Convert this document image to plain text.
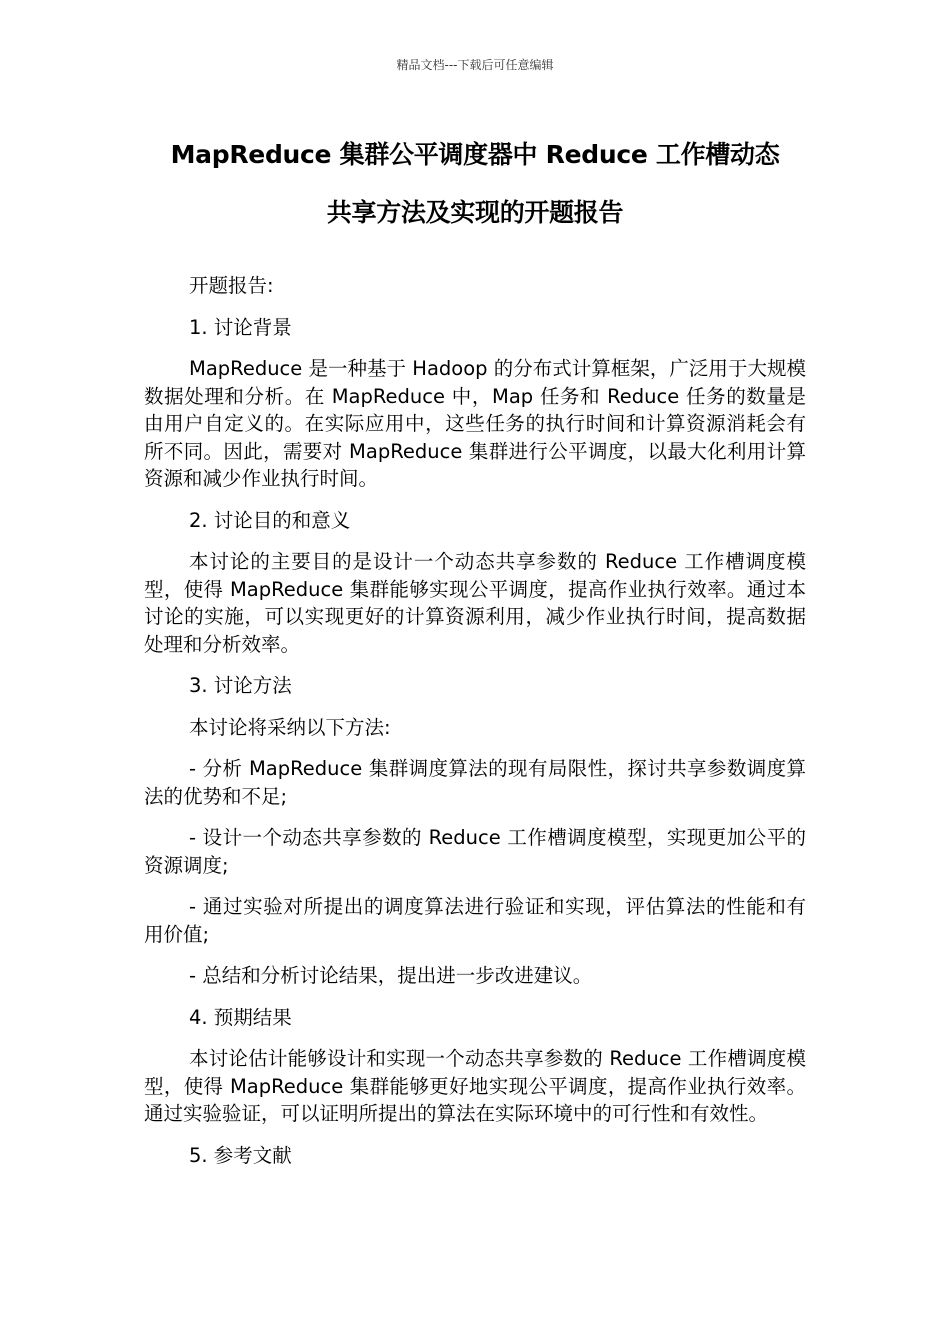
精品文档---下载后可任意编辑
MapReduce 集群公平调度器中 Reduce 工作槽动态
共享方法及实现的开题报告

开题报告:

1. 讨论背景

MapReduce 是一种基于 Hadoop 的分布式计算框架，广泛用于大规模数据处理和分析。在 MapReduce 中，Map 任务和 Reduce 任务的数量是由用户自定义的。在实际应用中，这些任务的执行时间和计算资源消耗会有所不同。因此，需要对 MapReduce 集群进行公平调度，以最大化利用计算资源和减少作业执行时间。

2. 讨论目的和意义

本讨论的主要目的是设计一个动态共享参数的 Reduce 工作槽调度模型，使得 MapReduce 集群能够实现公平调度，提高作业执行效率。通过本讨论的实施，可以实现更好的计算资源利用，减少作业执行时间，提高数据处理和分析效率。

3. 讨论方法

本讨论将采纳以下方法:

- 分析 MapReduce 集群调度算法的现有局限性，探讨共享参数调度算法的优势和不足;

- 设计一个动态共享参数的 Reduce 工作槽调度模型，实现更加公平的资源调度;

- 通过实验对所提出的调度算法进行验证和实现，评估算法的性能和有用价值;

- 总结和分析讨论结果，提出进一步改进建议。

4. 预期结果

本讨论估计能够设计和实现一个动态共享参数的 Reduce 工作槽调度模型，使得 MapReduce 集群能够更好地实现公平调度，提高作业执行效率。通过实验验证，可以证明所提出的算法在实际环境中的可行性和有效性。

5. 参考文献
